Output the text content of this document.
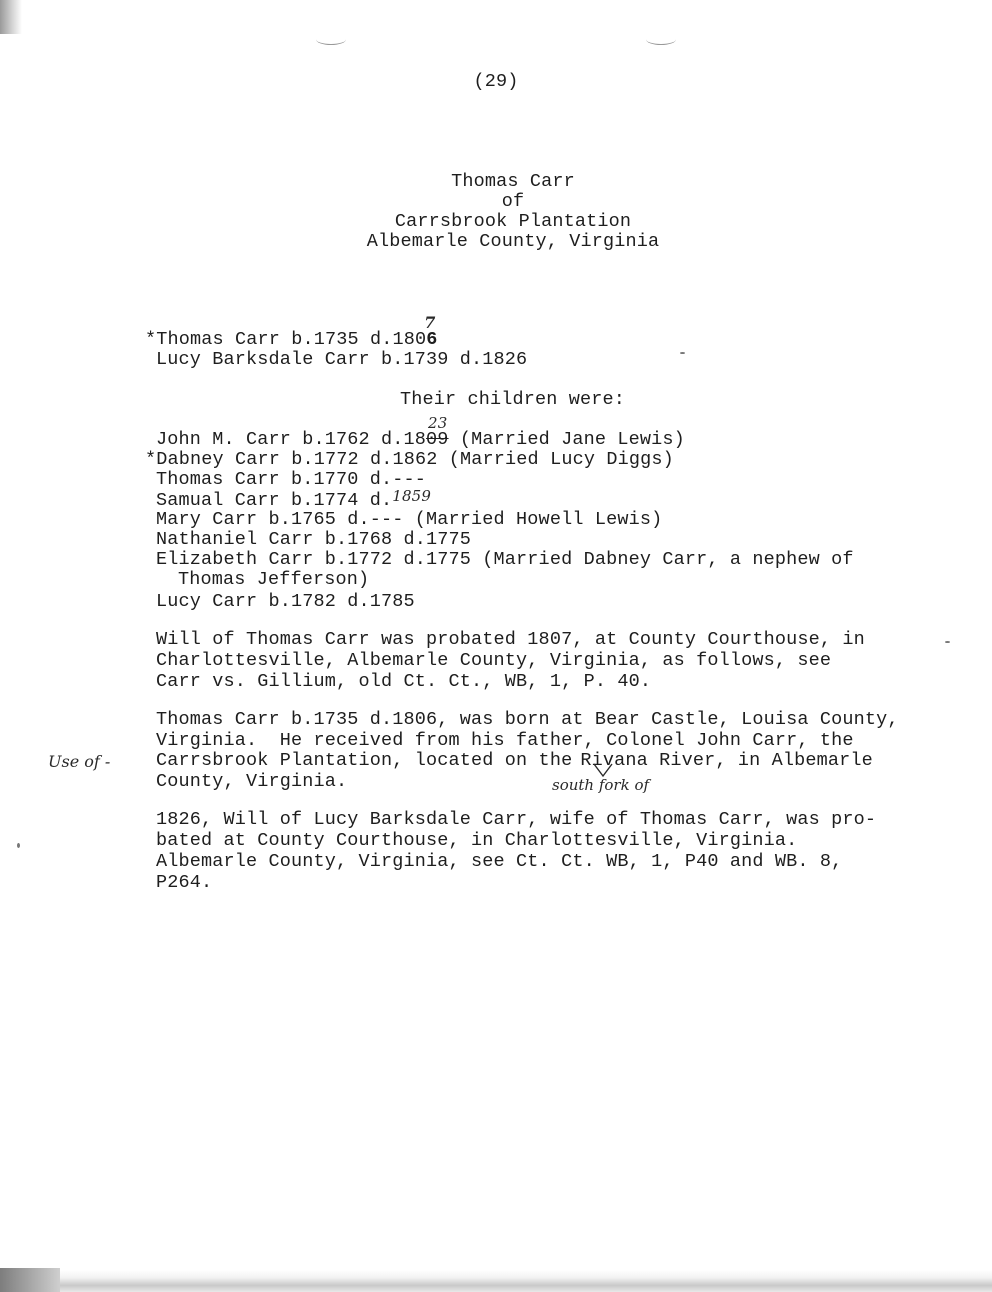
(29)
Thomas Carr
of
Carrsbrook Plantation
Albemarle County, Virginia
*Thomas Carr b.1735 d.1806
7
Lucy Barksdale Carr b.1739 d.1826
Their children were:
John M. Carr b.1762 d.1809
23
(Married Jane Lewis)
*Dabney Carr b.1772 d.1862 (Married Lucy Diggs)
Thomas Carr b.1770 d.---
Samual Carr b.1774 d.$^{1859}$
Mary Carr b.1765 d.--- (Married Howell Lewis)
Nathaniel Carr b.1768 d.1775
Elizabeth Carr b.1772 d.1775 (Married Dabney Carr, a nephew of
Thomas Jefferson)
Lucy Carr b.1782 d.1785
Will of Thomas Carr was probated 1807, at County Courthouse, in
Charlottesville, Albemarle County, Virginia, as follows, see
Carr vs. Gillium, old Ct. Ct., WB, 1, P. 40.
Thomas Carr b.1735 d.1806, was born at Bear Castle, Louisa County,
Virginia.  He received from his father, Colonel John Carr, the
Carrsbrook Plantation, located on the Rivana River, in Albemarle
County, Virginia.
Use of -
south fork of
1826, Will of Lucy Barksdale Carr, wife of Thomas Carr, was pro-
bated at County Courthouse, in Charlottesville, Virginia.
Albemarle County, Virginia, see Ct. Ct. WB, 1, P40 and WB. 8,
P264.
